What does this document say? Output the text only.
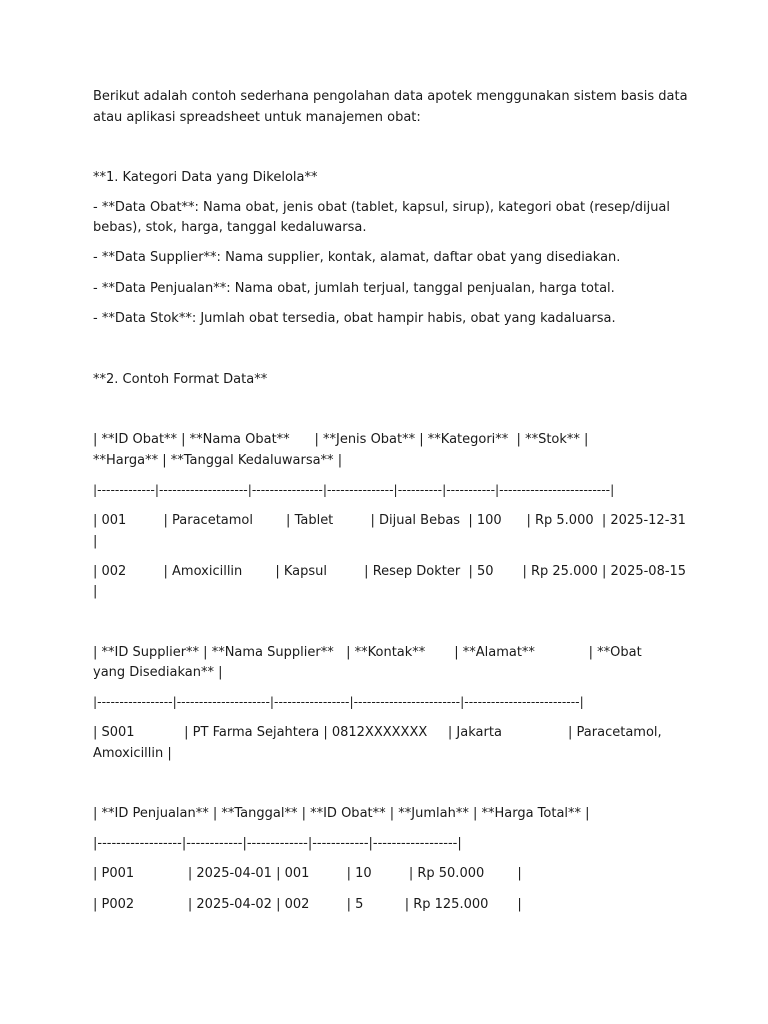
Berikut adalah contoh sederhana pengolahan data apotek menggunakan sistem basis data

atau aplikasi spreadsheet untuk manajemen obat:

**1. Kategori Data yang Dikelola**

- **Data Obat**: Nama obat, jenis obat (tablet, kapsul, sirup), kategori obat (resep/dijual

bebas), stok, harga, tanggal kedaluwarsa.

- **Data Supplier**: Nama supplier, kontak, alamat, daftar obat yang disediakan.

- **Data Penjualan**: Nama obat, jumlah terjual, tanggal penjualan, harga total.

- **Data Stok**: Jumlah obat tersedia, obat hampir habis, obat yang kadaluarsa.

**2. Contoh Format Data**

| **ID Obat** | **Nama Obat**      | **Jenis Obat** | **Kategori**  | **Stok** |

**Harga** | **Tanggal Kedaluwarsa** |

|-------------|--------------------|----------------|---------------|----------|-----------|-------------------------|

| 001         | Paracetamol        | Tablet         | Dijual Bebas  | 100      | Rp 5.000  | 2025-12-31

|

| 002         | Amoxicillin        | Kapsul         | Resep Dokter  | 50       | Rp 25.000 | 2025-08-15

|

| **ID Supplier** | **Nama Supplier**   | **Kontak**       | **Alamat**             | **Obat

yang Disediakan** |

|-----------------|---------------------|-----------------|------------------------|--------------------------|

| S001            | PT Farma Sejahtera | 0812XXXXXXX     | Jakarta                | Paracetamol,

Amoxicillin |

| **ID Penjualan** | **Tanggal** | **ID Obat** | **Jumlah** | **Harga Total** |

|------------------|------------|-------------|------------|------------------|

| P001             | 2025-04-01 | 001         | 10         | Rp 50.000        |

| P002             | 2025-04-02 | 002         | 5          | Rp 125.000       |
